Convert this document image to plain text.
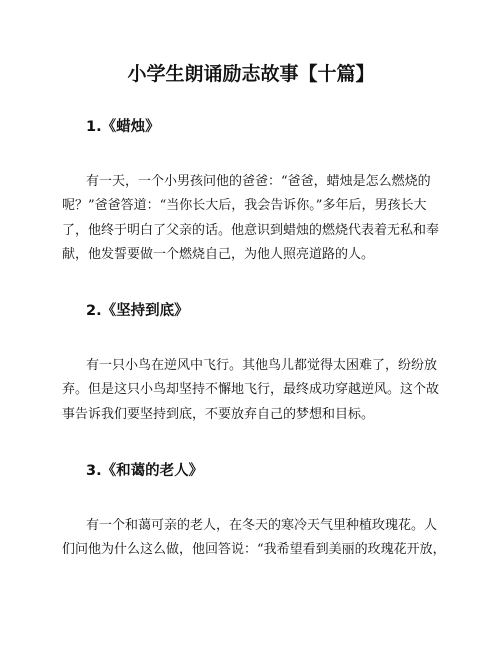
小学生朗诵励志故事【十篇】
1.《蜡烛》

有一天，一个小男孩问他的爸爸：“爸爸，蜡烛是怎么燃烧的
呢？”爸爸答道：“当你长大后，我会告诉你。”多年后，男孩长大
了，他终于明白了父亲的话。他意识到蜡烛的燃烧代表着无私和奉
献，他发誓要做一个燃烧自己，为他人照亮道路的人。

2.《坚持到底》

有一只小鸟在逆风中飞行。其他鸟儿都觉得太困难了，纷纷放
弃。但是这只小鸟却坚持不懈地飞行，最终成功穿越逆风。这个故
事告诉我们要坚持到底，不要放弃自己的梦想和目标。

3.《和蔼的老人》

有一个和蔼可亲的老人，在冬天的寒冷天气里种植玫瑰花。人
们问他为什么这么做，他回答说：“我希望看到美丽的玫瑰花开放，
